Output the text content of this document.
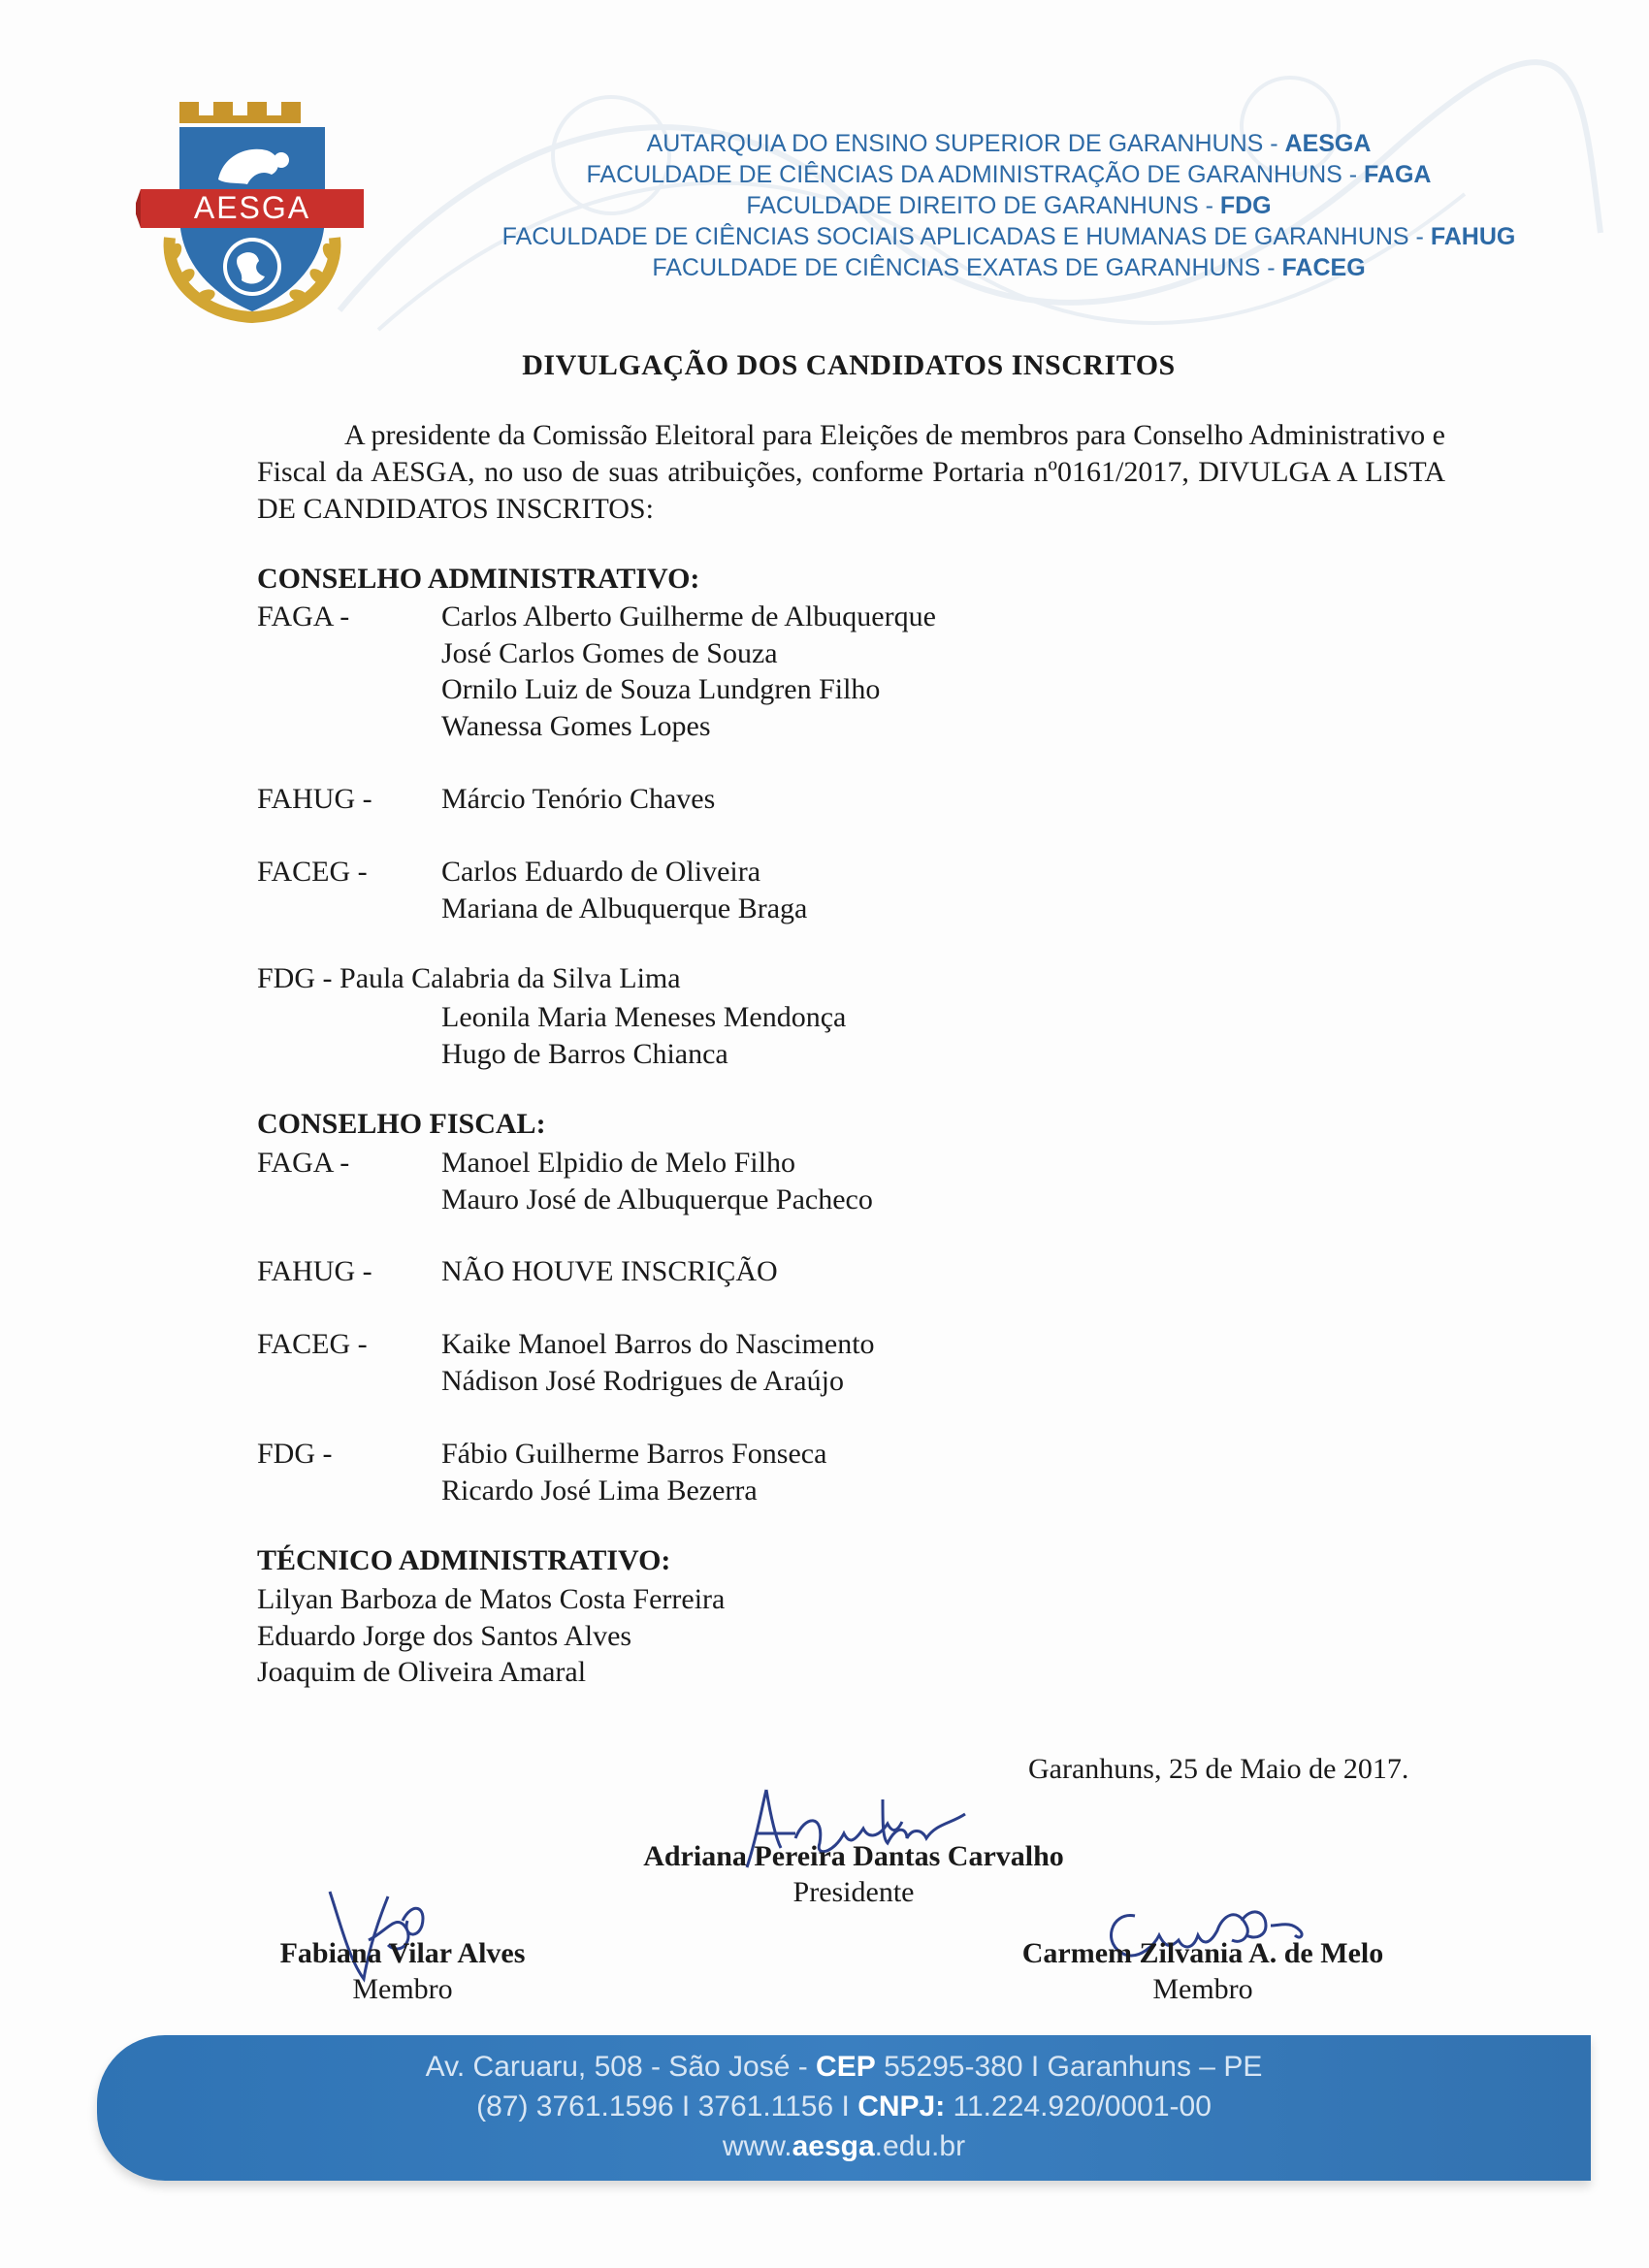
AESGA
AUTARQUIA DO ENSINO SUPERIOR DE GARANHUNS - AESGA
FACULDADE DE CIÊNCIAS DA ADMINISTRAÇÃO DE GARANHUNS - FAGA
FACULDADE DIREITO DE GARANHUNS - FDG
FACULDADE DE CIÊNCIAS SOCIAIS APLICADAS E HUMANAS DE GARANHUNS - FAHUG
FACULDADE DE CIÊNCIAS EXATAS DE GARANHUNS - FACEG
DIVULGAÇÃO DOS CANDIDATOS INSCRITOS
A presidente da Comissão Eleitoral para Eleições de membros para Conselho Administrativo e Fiscal da AESGA, no uso de suas atribuições, conforme Portaria nº0161/2017, DIVULGA A LISTA DE CANDIDATOS INSCRITOS:
CONSELHO ADMINISTRATIVO:
FAGA -	Carlos Alberto Guilherme de Albuquerque
José Carlos Gomes de Souza
Ornilo Luiz de Souza Lundgren Filho
Wanessa Gomes Lopes
FAHUG - Márcio Tenório Chaves
FACEG -	Carlos Eduardo de Oliveira
Mariana de Albuquerque Braga
FDG - Paula Calabria da Silva Lima
Leonila Maria Meneses Mendonça
Hugo de Barros Chianca
CONSELHO FISCAL:
FAGA -	Manoel Elpidio de Melo Filho
Mauro José de Albuquerque Pacheco
FAHUG - NÃO HOUVE INSCRIÇÃO
FACEG -	Kaike Manoel Barros do Nascimento
Nádison José Rodrigues de Araújo
FDG -	Fábio Guilherme Barros Fonseca
Ricardo José Lima Bezerra
TÉCNICO ADMINISTRATIVO:
Lilyan Barboza de Matos Costa Ferreira
Eduardo Jorge dos Santos Alves
Joaquim de Oliveira Amaral
Garanhuns, 25 de Maio de 2017.
Adriana Pereira Dantas Carvalho
Presidente
Fabiana Vilar Alves
Membro
Carmem Zilvania A. de Melo
Membro
Av. Caruaru, 508 - São José - CEP 55295-380 I Garanhuns – PE
(87) 3761.1596 I 3761.1156 I CNPJ: 11.224.920/0001-00
www.aesga.edu.br
